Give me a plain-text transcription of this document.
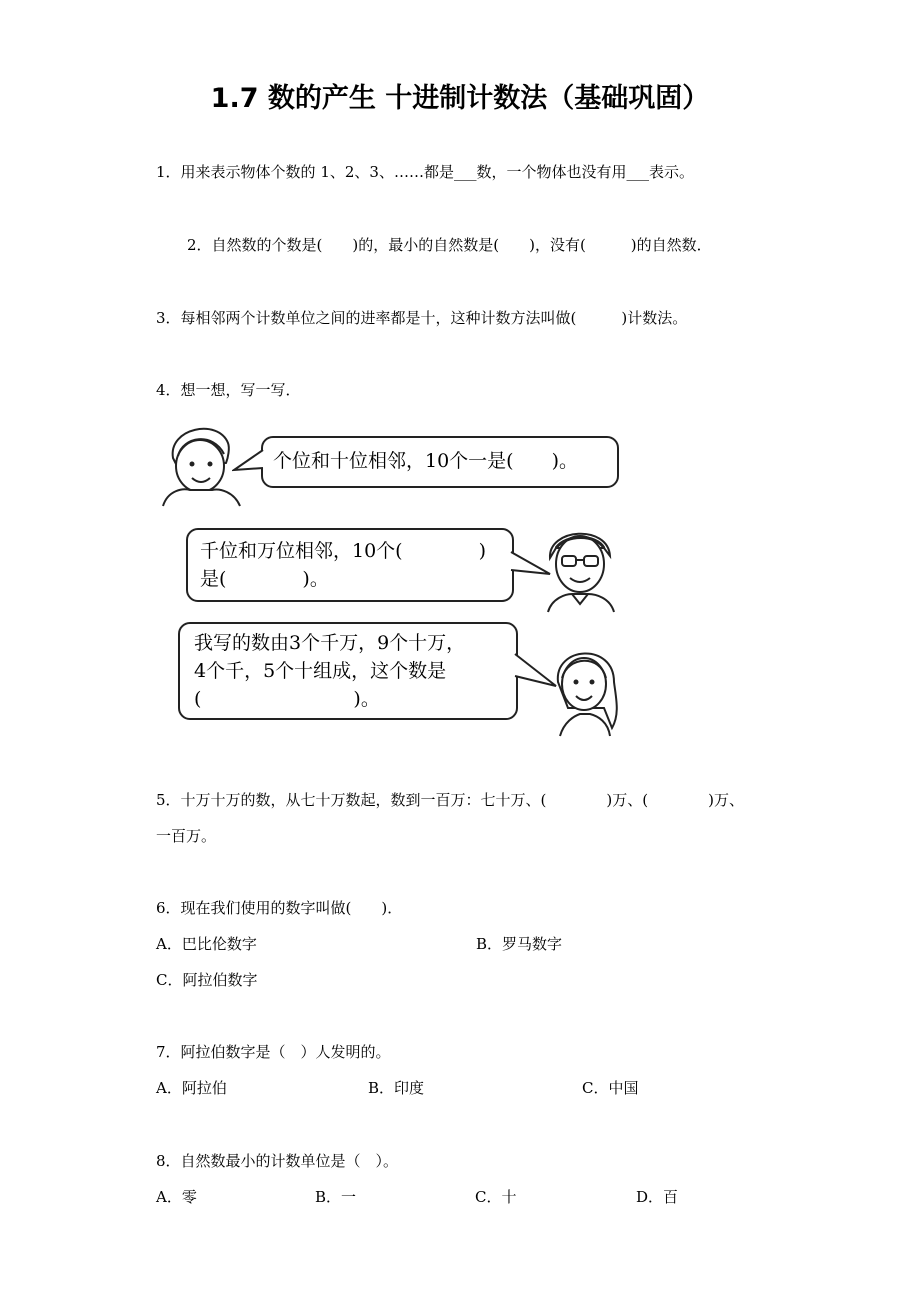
1.7 数的产生 十进制计数法（基础巩固）
1．用来表示物体个数的 1、2、3、……都是___数，一个物体也没有用___表示。
2．自然数的个数是(　　)的，最小的自然数是(　　)，没有(　　　)的自然数．
3．每相邻两个计数单位之间的进率都是十，这种计数方法叫做(　　　)计数法。
4．想一想，写一写．
个位和十位相邻，10个一是(　　)。
千位和万位相邻，10个(　　　　)
是(　　　　)。
我写的数由3个千万，9个十万，
4个千，5个十组成，这个数是
(　　　　　　　　)。
5．十万十万的数，从七十万数起，数到一百万：七十万、(　　　　)万、(　　　　)万、
一百万。
6．现在我们使用的数字叫做(　　)．
A．巴比伦数字	B．罗马数字
C．阿拉伯数字
7．阿拉伯数字是（　）人发明的。
A．阿拉伯	B．印度	C．中国
8．自然数最小的计数单位是（　）。
A．零	B．一	C．十	D．百
